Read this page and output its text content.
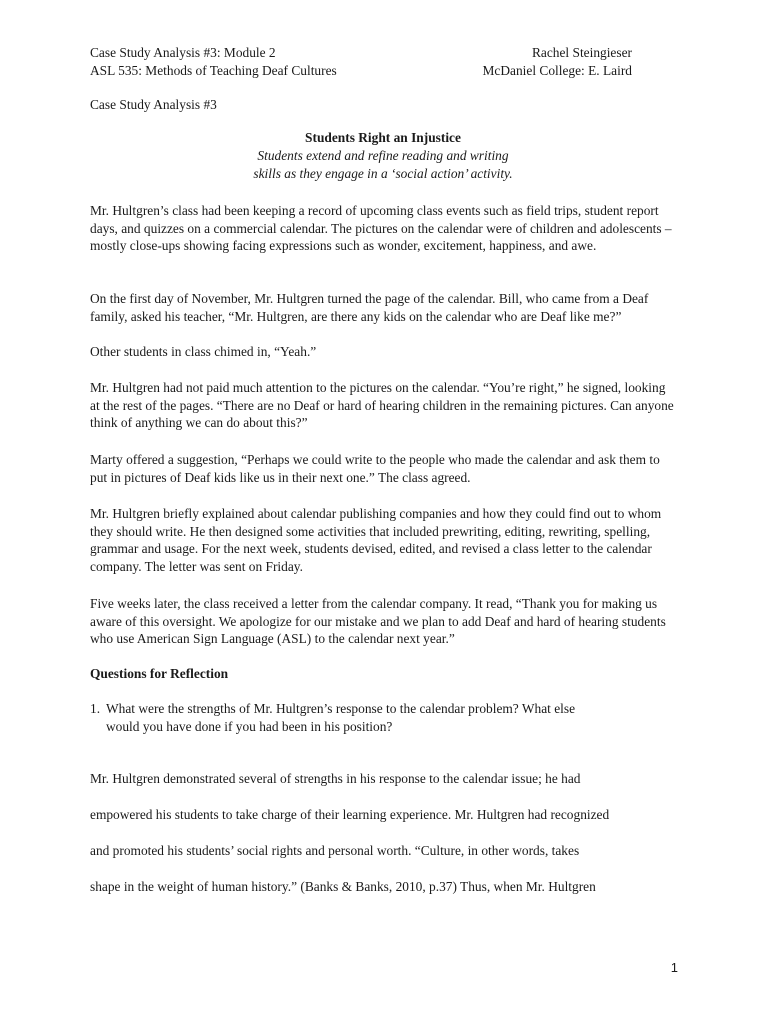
Case Study Analysis #3: Module 2	Rachel Steingieser
ASL 535: Methods of Teaching Deaf Cultures	McDaniel College: E. Laird

Case Study Analysis #3

Students Right an Injustice

Students extend and refine reading and writing

skills as they engage in a ‘social action’ activity.

Mr. Hultgren’s class had been keeping a record of upcoming class events such as field trips, student report days, and quizzes on a commercial calendar. The pictures on the calendar were of children and adolescents – mostly close-ups showing facing expressions such as wonder, excitement, happiness, and awe.

On the first day of November, Mr. Hultgren turned the page of the calendar. Bill, who came from a Deaf family, asked his teacher, “Mr. Hultgren, are there any kids on the calendar who are Deaf like me?”

Other students in class chimed in, “Yeah.”

Mr. Hultgren had not paid much attention to the pictures on the calendar. “You’re right,” he signed, looking at the rest of the pages. “There are no Deaf or hard of hearing children in the remaining pictures. Can anyone think of anything we can do about this?”

Marty offered a suggestion, “Perhaps we could write to the people who made the calendar and ask them to put in pictures of Deaf kids like us in their next one.” The class agreed.

Mr. Hultgren briefly explained about calendar publishing companies and how they could find out to whom they should write. He then designed some activities that included prewriting, editing, rewriting, spelling, grammar and usage. For the next week, students devised, edited, and revised a class letter to the calendar company. The letter was sent on Friday.

Five weeks later, the class received a letter from the calendar company. It read, “Thank you for making us aware of this oversight. We apologize for our mistake and we plan to add Deaf and hard of hearing students who use American Sign Language (ASL) to the calendar next year.”

Questions for Reflection

1. What were the strengths of Mr. Hultgren’s response to the calendar problem? What else
would you have done if you had been in his position?
Mr. Hultgren demonstrated several of strengths in his response to the calendar issue; he had
empowered his students to take charge of their learning experience. Mr. Hultgren had recognized
and promoted his students’ social rights and personal worth. “Culture, in other words, takes
shape in the weight of human history.” (Banks & Banks, 2010, p.37) Thus, when Mr. Hultgren
1
